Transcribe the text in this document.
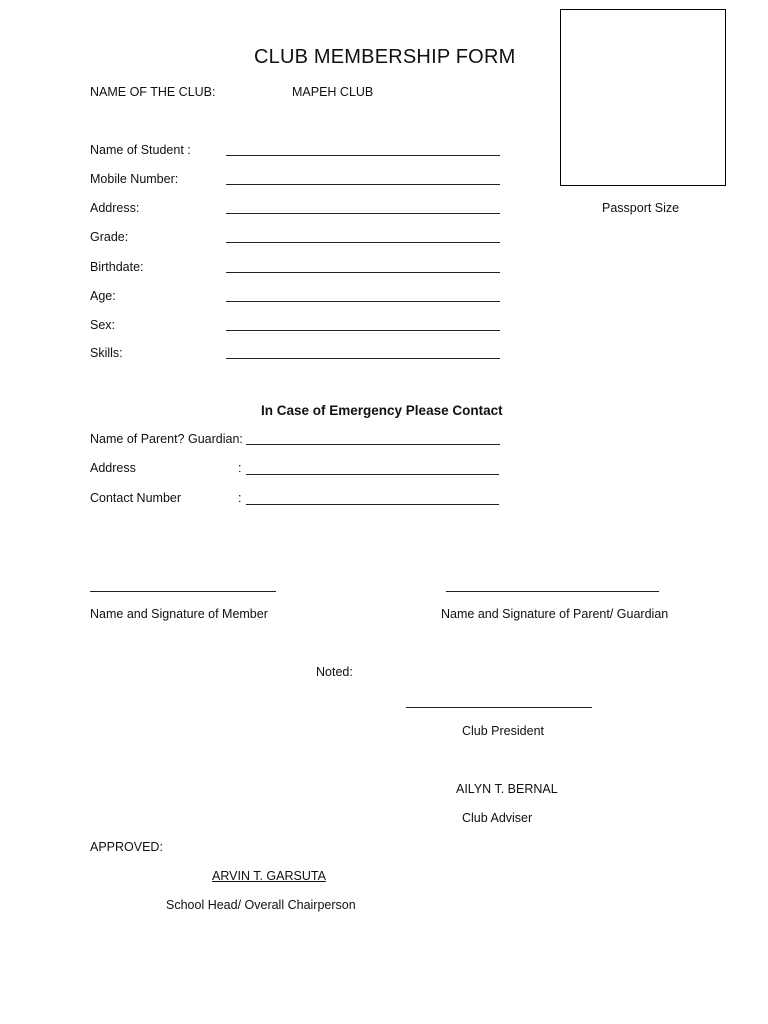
CLUB MEMBERSHIP FORM
Passport Size
NAME OF THE CLUB:	MAPEH CLUB
Name of Student :
Mobile Number:
Address:
Grade:
Birthdate:
Age:
Sex:
Skills:
In Case of Emergency Please Contact
Name of Parent? Guardian:
Address	:
Contact Number	:
Name and Signature of Member	Name and Signature of Parent/ Guardian
Noted:
Club President
AILYN T. BERNAL
Club Adviser
APPROVED:
ARVIN T. GARSUTA
School Head/ Overall Chairperson
